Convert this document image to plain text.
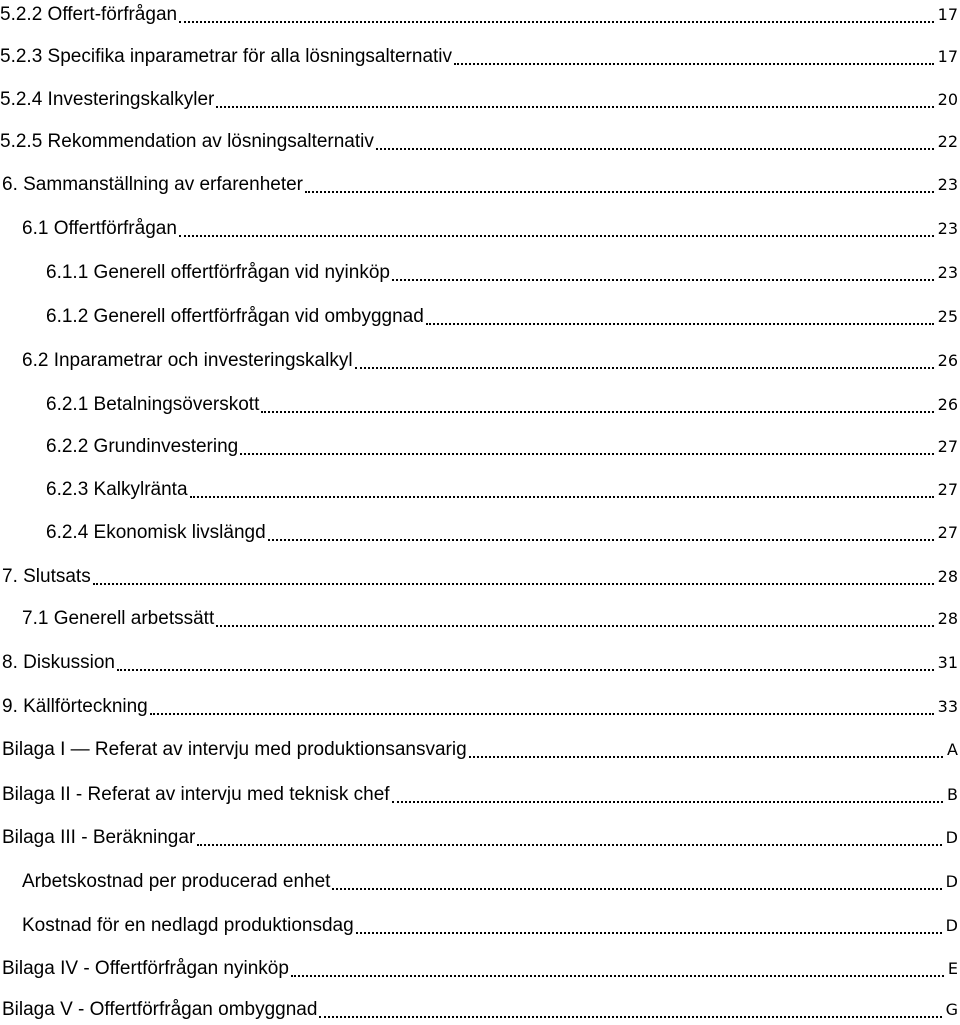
5.2.2 Offert-förfrågan	17
5.2.3 Specifika inparametrar för alla lösningsalternativ	17
5.2.4 Investeringskalkyler	20
5.2.5 Rekommendation av lösningsalternativ	22
6. Sammanställning av erfarenheter	23
6.1 Offertförfrågan	23
6.1.1 Generell offertförfrågan vid nyinköp	23
6.1.2 Generell offertförfrågan vid ombyggnad	25
6.2 Inparametrar och investeringskalkyl	26
6.2.1 Betalningsöverskott	26
6.2.2 Grundinvestering	27
6.2.3 Kalkylränta	27
6.2.4 Ekonomisk livslängd	27
7. Slutsats	28
7.1 Generell arbetssätt	28
8. Diskussion	31
9. Källförteckning	33
Bilaga I — Referat av intervju med produktionsansvarig	A
Bilaga II - Referat av intervju med teknisk chef	B
Bilaga III - Beräkningar	D
Arbetskostnad per producerad enhet	D
Kostnad för en nedlagd produktionsdag	D
Bilaga IV - Offertförfrågan nyinköp	E
Bilaga V - Offertförfrågan ombyggnad	G
